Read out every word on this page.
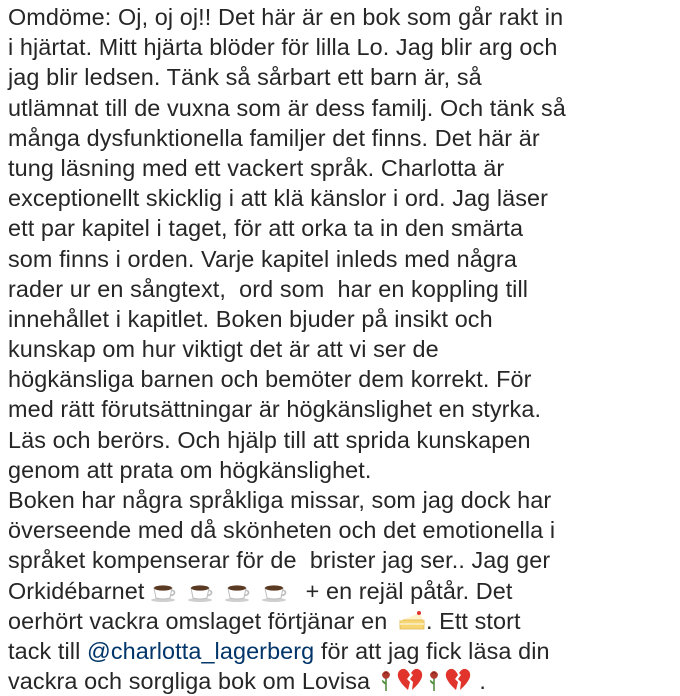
Omdöme: Oj, oj oj!! Det här är en bok som går rakt in
i hjärtat. Mitt hjärta blöder för lilla Lo. Jag blir arg och
jag blir ledsen. Tänk så sårbart ett barn är, så
utlämnat till de vuxna som är dess familj. Och tänk så
många dysfunktionella familjer det finns. Det här är
tung läsning med ett vackert språk. Charlotta är
exceptionellt skicklig i att klä känslor i ord. Jag läser
ett par kapitel i taget, för att orka ta in den smärta
som finns i orden. Varje kapitel inleds med några
rader ur en sångtext,  ord som  har en koppling till
innehållet i kapitlet. Boken bjuder på insikt och
kunskap om hur viktigt det är att vi ser de
högkänsliga barnen och bemöter dem korrekt. För
med rätt förutsättningar är högkänslighet en styrka.
Läs och berörs. Och hjälp till att sprida kunskapen
genom att prata om högkänslighet.
Boken har några språkliga missar, som jag dock har
överseende med då skönheten och det emotionella i
språket kompenserar för de  brister jag ser.. Jag ger
Orkidébarnet	+ en rejäl påtår. Det
oerhört vackra omslaget förtjänar en
. Ett stort
tack till @charlotta_lagerberg för att jag fick läsa din
vackra och sorgliga bok om Lovisa	.
